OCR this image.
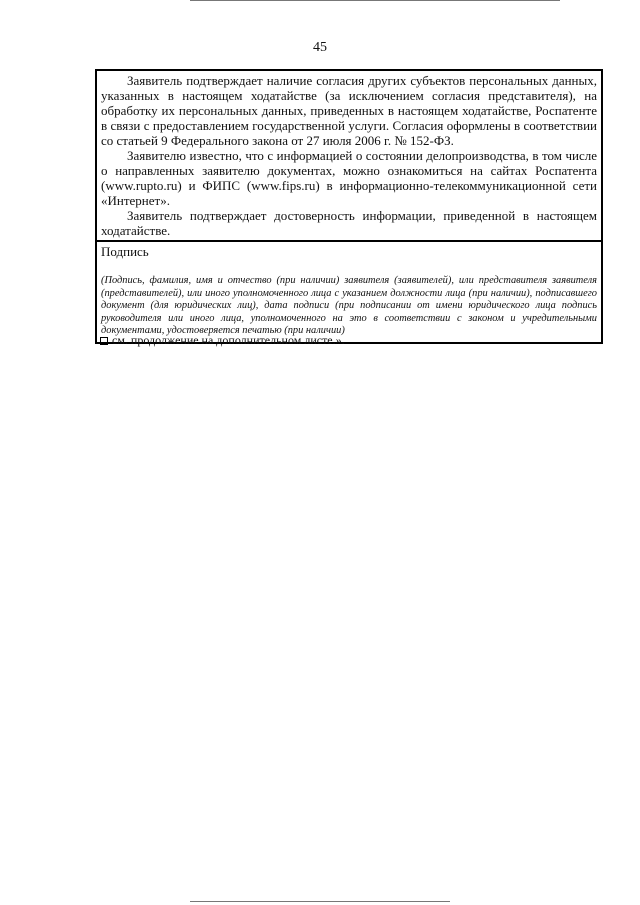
45

Заявитель подтверждает наличие согласия других субъектов персональных данных, указанных в настоящем ходатайстве (за исключением согласия представителя), на обработку их персональных данных, приведенных в настоящем ходатайстве, Роспатенте в связи с предоставлением государственной услуги. Согласия оформлены в соответствии со статьей 9 Федерального закона от 27 июля 2006 г. № 152-ФЗ.

Заявителю известно, что с информацией о состоянии делопроизводства, в том числе о направленных заявителю документах, можно ознакомиться на сайтах Роспатента (www.rupto.ru) и ФИПС (www.fips.ru) в информационно-телекоммуникационной сети «Интернет».

Заявитель подтверждает достоверность информации, приведенной в настоящем ходатайстве.

Подпись
(Подпись, фамилия, имя и отчество (при наличии) заявителя (заявителей), или представителя заявителя (представителей), или иного уполномоченного лица с указанием должности лица (при наличии), подписавшего документ (для юридических лиц), дата подписи (при подписании от имени юридического лица подпись руководителя или иного лица, уполномоченного на это в соответствии с законом и учредительными документами, удостоверяется печатью (при наличии)
см. продолжение на дополнительном листе.».
